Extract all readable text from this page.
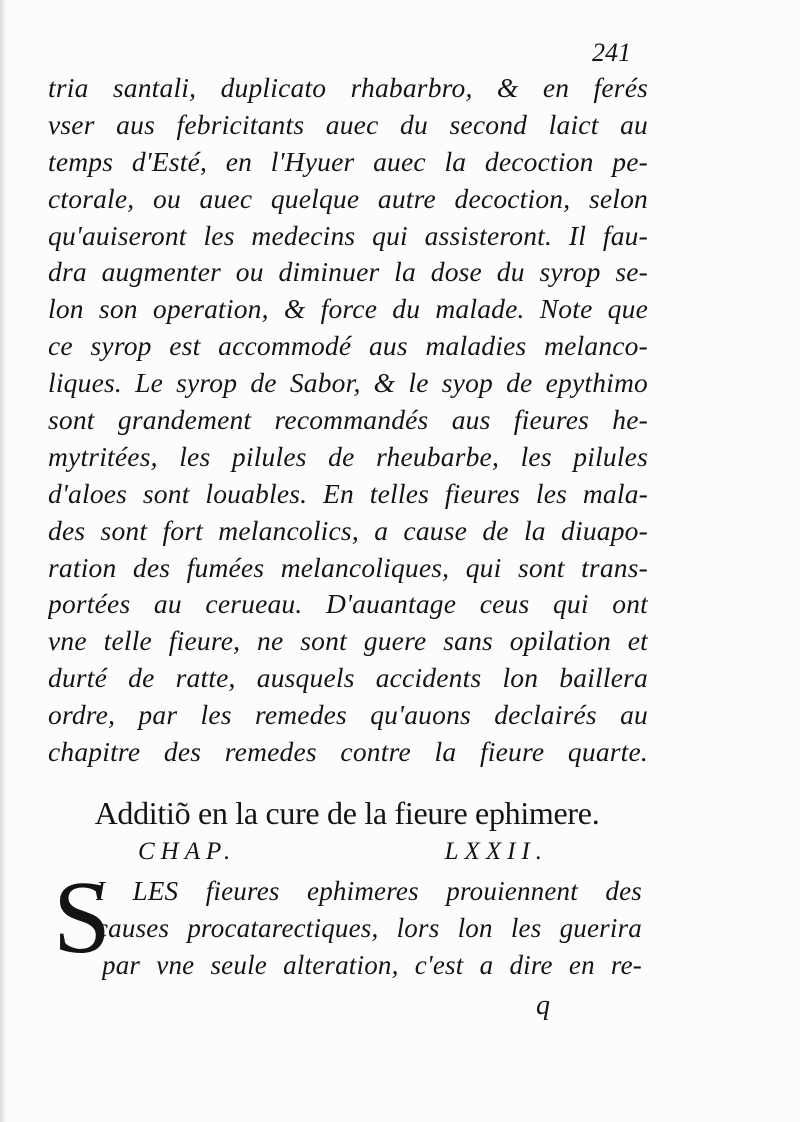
241
tria santali, duplicato rhabarbro, & en ferés
vser aus febricitants auec du second laict au
temps d'Esté, en l'Hyuer auec la decoction pe-
ctorale, ou auec quelque autre decoction, selon
qu'auiseront les medecins qui assisteront. Il fau-
dra augmenter ou diminuer la dose du syrop se-
lon son operation, & force du malade. Note que
ce syrop est accommodé aus maladies melanco-
liques. Le syrop de Sabor, & le syop de epythimo
sont grandement recommandés aus fieures he-
mytritées, les pilules de rheubarbe, les pilules
d'aloes sont louables. En telles fieures les mala-
des sont fort melancolics, a cause de la diuapo-
ration des fumées melancoliques, qui sont trans-
portées au cerueau. D'auantage ceus qui ont
vne telle fieure, ne sont guere sans opilation et
durté de ratte, ausquels accidents lon baillera
ordre, par les remedes qu'auons declairés au
chapitre des remedes contre la fieure quarte.
Additiõ en la cure de la fieure ephimere.
CHAP.	LXXII.
S
I LES fieures ephimeres prouiennent des
causes procatarectiques, lors lon les guerira
par vne seule alteration, c'est a dire en re-
q
